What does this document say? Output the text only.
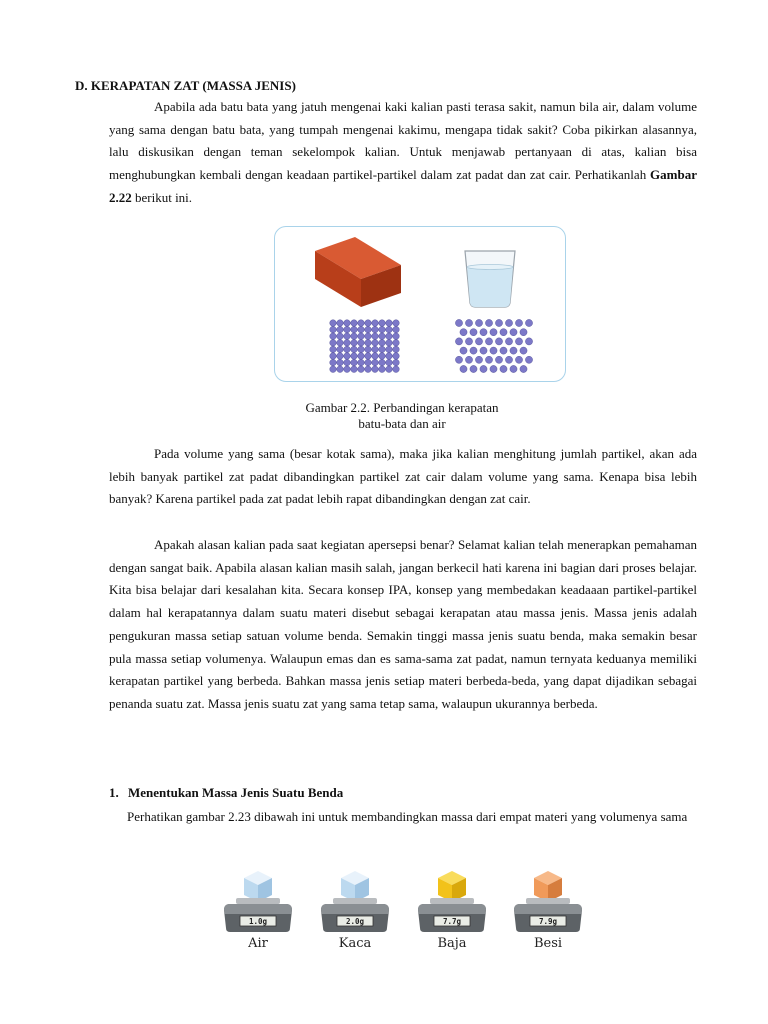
D. KERAPATAN ZAT (MASSA JENIS)

Apabila ada batu bata yang jatuh mengenai kaki kalian pasti terasa sakit, namun bila air, dalam volume yang sama dengan batu bata, yang tumpah mengenai kakimu, mengapa tidak sakit? Coba pikirkan alasannya, lalu diskusikan dengan teman sekelompok kalian. Untuk menjawab pertanyaan di atas, kalian bisa menghubungkan kembali dengan keadaan partikel-partikel dalam zat padat dan zat cair. Perhatikanlah Gambar 2.22 berikut ini.

Gambar 2.2. Perbandingan kerapatan
batu-bata dan air

Pada volume yang sama (besar kotak sama), maka jika kalian menghitung jumlah partikel, akan ada lebih banyak partikel zat padat dibandingkan partikel zat cair dalam volume yang sama. Kenapa bisa lebih banyak? Karena partikel pada zat padat lebih rapat dibandingkan dengan zat cair.

Apakah alasan kalian pada saat kegiatan apersepsi benar? Selamat kalian telah menerapkan pemahaman dengan sangat baik. Apabila alasan kalian masih salah, jangan berkecil hati karena ini bagian dari proses belajar. Kita bisa belajar dari kesalahan kita. Secara konsep IPA, konsep yang membedakan keadaaan partikel-partikel dalam hal kerapatannya dalam suatu materi disebut sebagai kerapatan atau massa jenis. Massa jenis adalah pengukuran massa setiap satuan volume benda. Semakin tinggi massa jenis suatu benda, maka semakin besar pula massa setiap volumenya. Walaupun emas dan es sama-sama zat padat, namun ternyata keduanya memiliki kerapatan partikel yang berbeda. Bahkan massa jenis setiap materi berbeda-beda, yang dapat dijadikan sebagai penanda suatu zat. Massa jenis suatu zat yang sama tetap sama, walaupun ukurannya berbeda.

1. Menentukan Massa Jenis Suatu Benda

Perhatikan gambar 2.23 dibawah ini untuk membandingkan massa dari empat materi yang volumenya sama

1.0g
Air
2.0g
Kaca
7.7g
Baja
7.9g
Besi
